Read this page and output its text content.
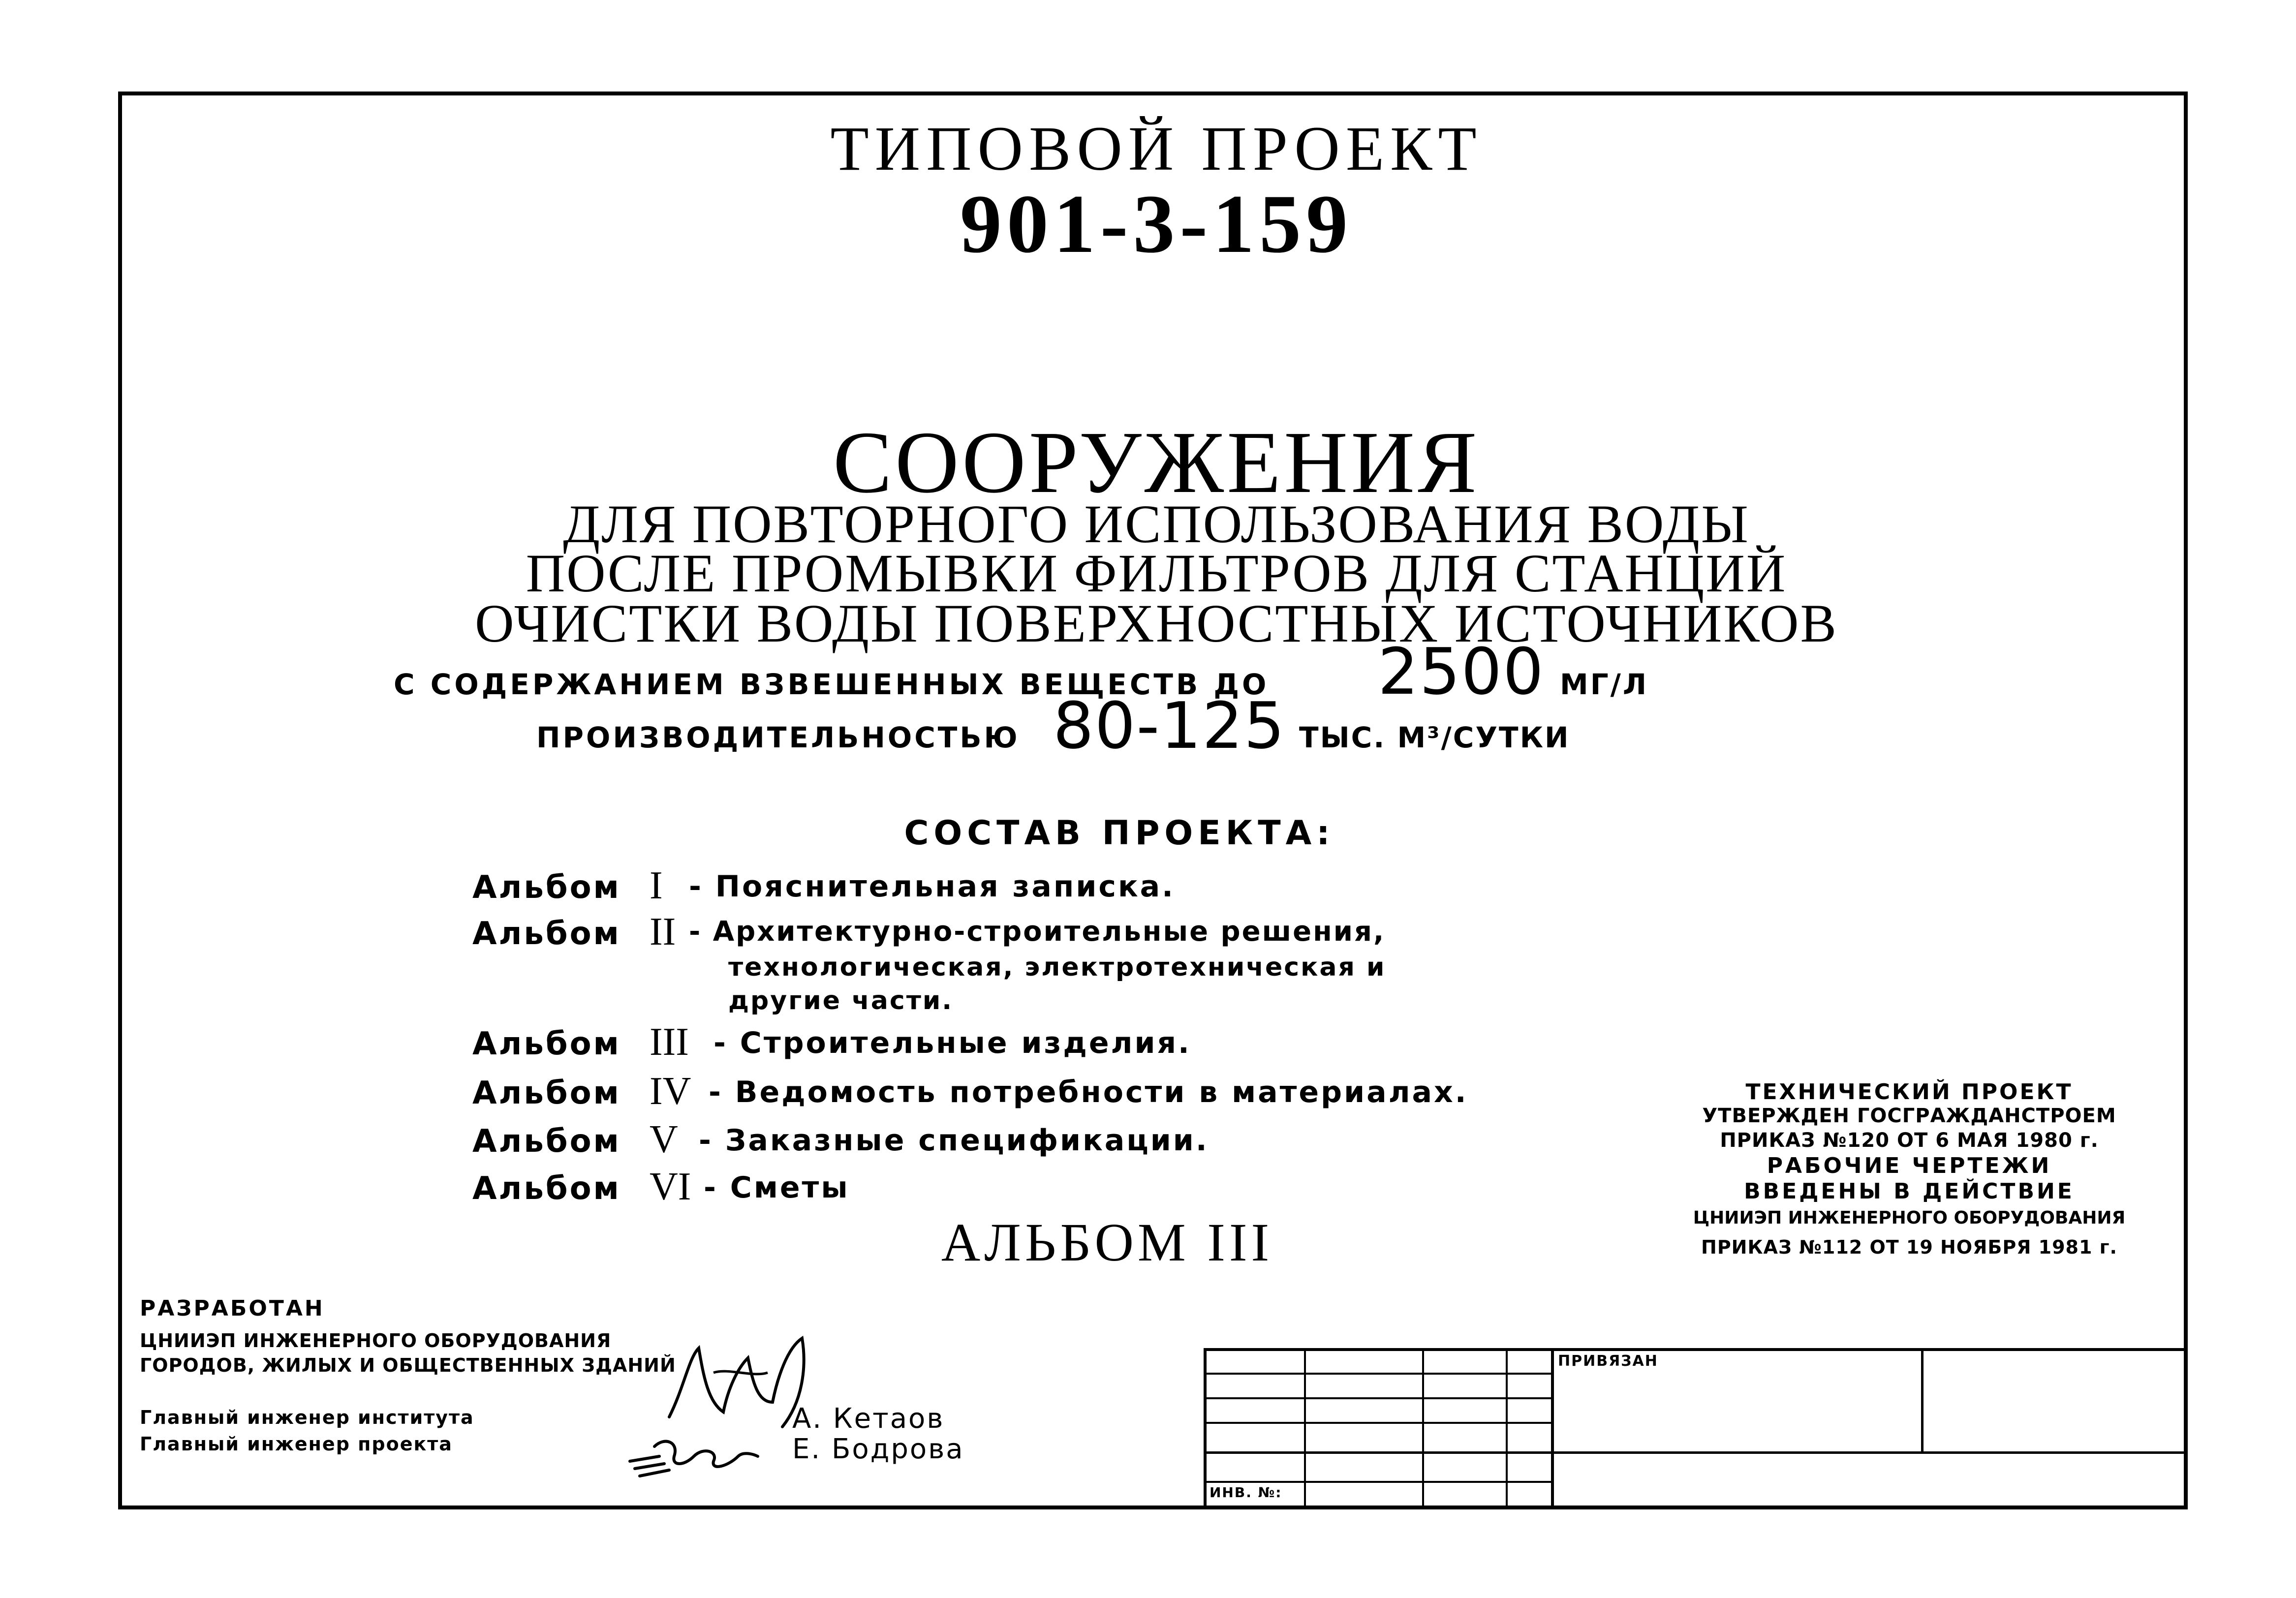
ТИПОВОЙ ПРОЕКТ
901-3-159
СООРУЖЕНИЯ
ДЛЯ ПОВТОРНОГО ИСПОЛЬЗОВАНИЯ ВОДЫ
ПОСЛЕ ПРОМЫВКИ ФИЛЬТРОВ ДЛЯ СТАНЦИЙ
ОЧИСТКИ ВОДЫ ПОВЕРХНОСТНЫХ ИСТОЧНИКОВ
С СОДЕРЖАНИЕМ ВЗВЕШЕННЫХ ВЕЩЕСТВ ДО 2500 МГ/Л
ПРОИЗВОДИТЕЛЬНОСТЬЮ 80-125 ТЫС. М³/СУТКИ
СОСТАВ ПРОЕКТА:
Альбом I - Пояснительная записка.
Альбом II - Архитектурно-строительные решения,
технологическая, электротехническая и
другие части.
Альбом III - Строительные изделия.
Альбом IV - Ведомость потребности в материалах.
Альбом V - Заказные спецификации.
Альбом VI - Сметы
АЛЬБОМ III
ТЕХНИЧЕСКИЙ ПРОЕКТ
УТВЕРЖДЕН ГОСГРАЖДАНСТРОЕМ
ПРИКАЗ №120 ОТ 6 МАЯ 1980 г.
РАБОЧИЕ ЧЕРТЕЖИ
ВВЕДЕНЫ В ДЕЙСТВИЕ
ЦНИИЭП ИНЖЕНЕРНОГО ОБОРУДОВАНИЯ
ПРИКАЗ №112 ОТ 19 НОЯБРЯ 1981 г.
РАЗРАБОТАН
ЦНИИЭП ИНЖЕНЕРНОГО ОБОРУДОВАНИЯ
ГОРОДОВ, ЖИЛЫХ И ОБЩЕСТВЕННЫХ ЗДАНИЙ
Главный инженер института
Главный инженер проекта
А. Кетаов
Е. Бодрова
ПРИВЯЗАН
ИНВ. №:
